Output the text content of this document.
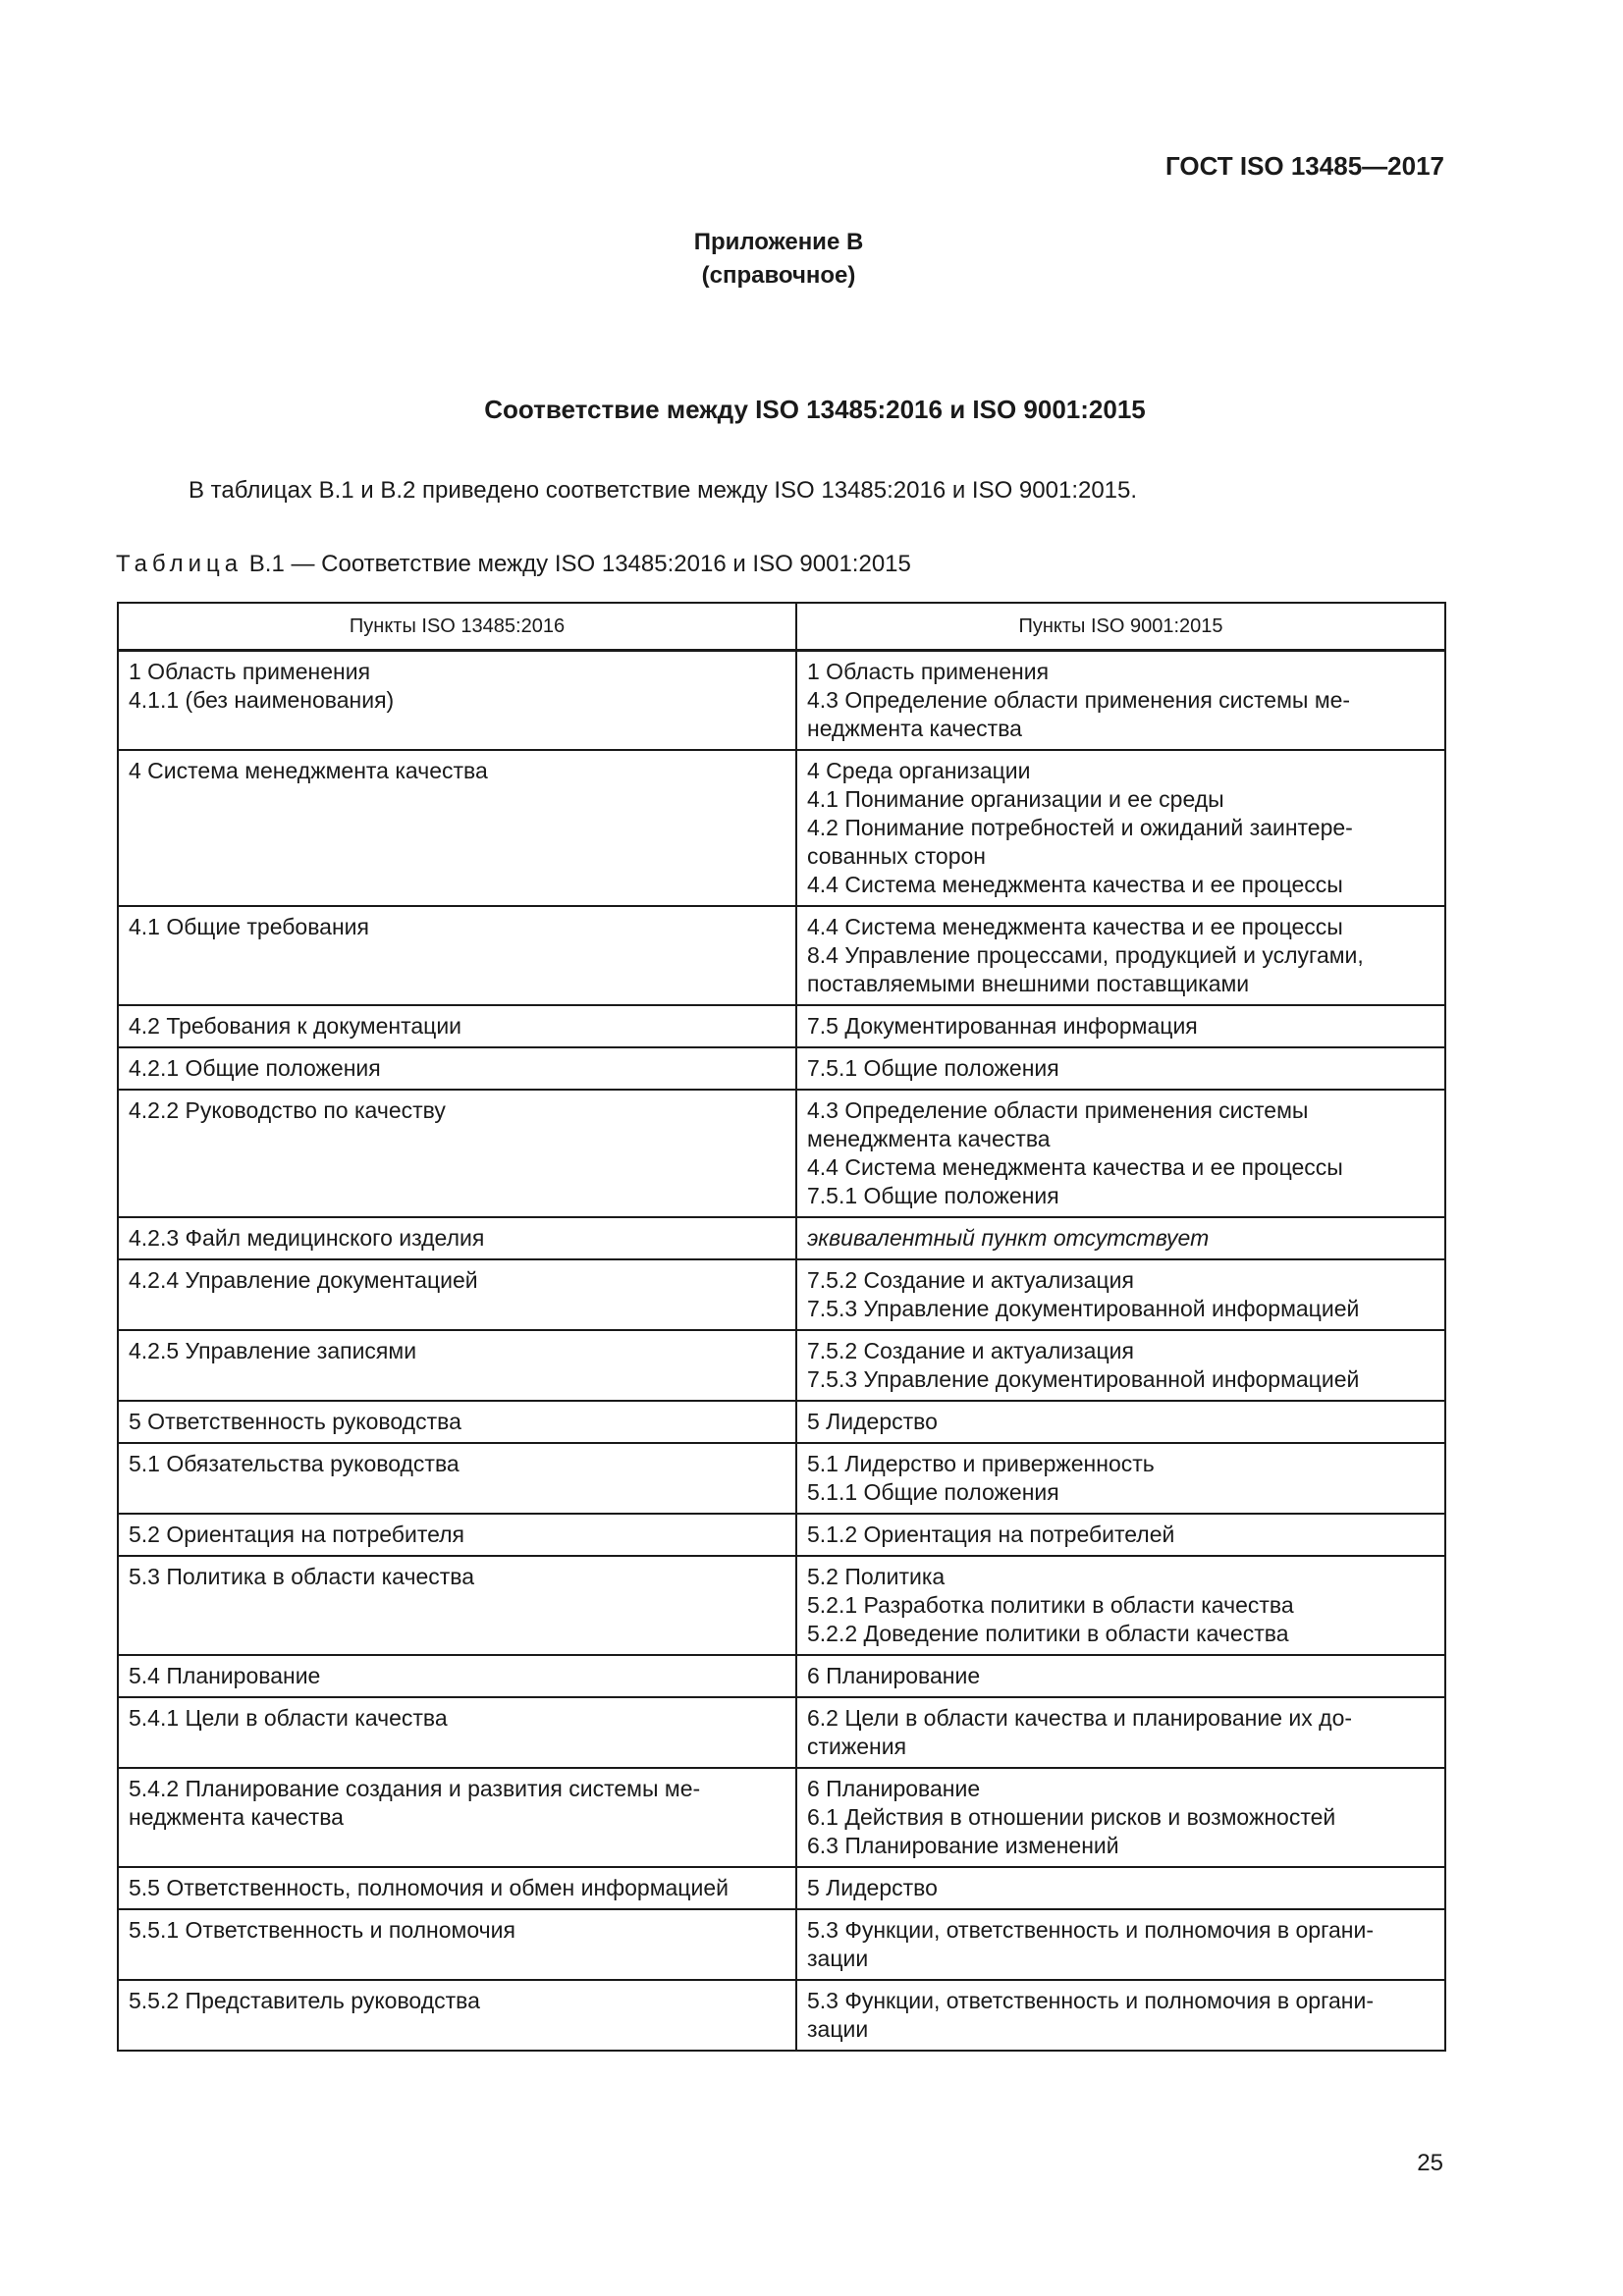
ГОСТ ISO 13485—2017
Приложение В
(справочное)
Соответствие между ISO 13485:2016 и ISO 9001:2015
В таблицах В.1 и В.2 приведено соответствие между ISO 13485:2016 и ISO 9001:2015.
Таблица В.1 — Соответствие между ISO 13485:2016 и ISO 9001:2015
Пункты ISO 13485:2016	Пункты ISO 9001:2015

1 Область применения
4.1.1 (без наименования)	1 Область применения
4.3 Определение области применения системы ме-
неджмента качества

4 Система менеджмента качества	4 Среда организации
4.1 Понимание организации и ее среды
4.2 Понимание потребностей и ожиданий заинтере-
сованных сторон
4.4 Система менеджмента качества и ее процессы

4.1 Общие требования	4.4 Система менеджмента качества и ее процессы
8.4 Управление процессами, продукцией и услугами,
поставляемыми внешними поставщиками

4.2 Требования к документации	7.5 Документированная информация

4.2.1 Общие положения	7.5.1 Общие положения

4.2.2 Руководство по качеству	4.3 Определение области применения системы
менеджмента качества
4.4 Система менеджмента качества и ее процессы
7.5.1 Общие положения

4.2.3 Файл медицинского изделия	эквивалентный пункт отсутствует

4.2.4 Управление документацией	7.5.2 Создание и актуализация
7.5.3 Управление документированной информацией

4.2.5 Управление записями	7.5.2 Создание и актуализация
7.5.3 Управление документированной информацией

5 Ответственность руководства	5 Лидерство

5.1 Обязательства руководства	5.1 Лидерство и приверженность
5.1.1 Общие положения

5.2 Ориентация на потребителя	5.1.2 Ориентация на потребителей

5.3 Политика в области качества	5.2 Политика
5.2.1 Разработка политики в области качества
5.2.2 Доведение политики в области качества

5.4 Планирование	6 Планирование

5.4.1 Цели в области качества	6.2 Цели в области качества и планирование их до-
стижения

5.4.2 Планирование создания и развития системы ме-
неджмента качества	6 Планирование
6.1 Действия в отношении рисков и возможностей
6.3 Планирование изменений

5.5 Ответственность, полномочия и обмен информацией	5 Лидерство

5.5.1 Ответственность и полномочия	5.3 Функции, ответственность и полномочия в органи-
зации

5.5.2 Представитель руководства	5.3 Функции, ответственность и полномочия в органи-
зации
25
